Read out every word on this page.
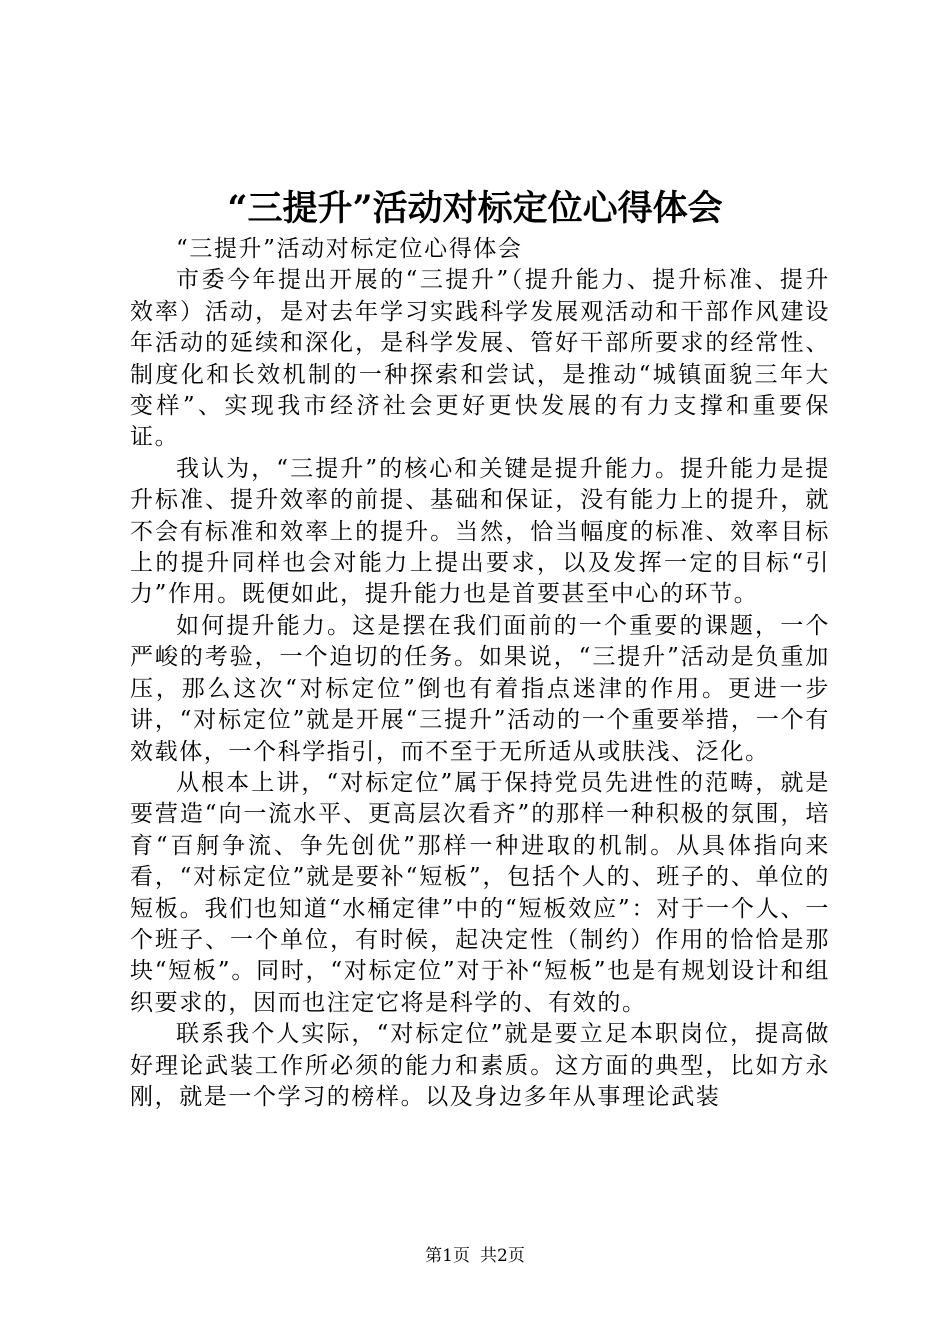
“三提升”活动对标定位心得体会

“三提升”活动对标定位心得体会

市委今年提出开展的“三提升”（提升能力、提升标准、提升效率）活动，是对去年学习实践科学发展观活动和干部作风建设年活动的延续和深化，是科学发展、管好干部所要求的经常性、制度化和长效机制的一种探索和尝试，是推动“城镇面貌三年大变样”、实现我市经济社会更好更快发展的有力支撑和重要保证。

我认为，“三提升”的核心和关键是提升能力。提升能力是提升标准、提升效率的前提、基础和保证，没有能力上的提升，就不会有标准和效率上的提升。当然，恰当幅度的标准、效率目标上的提升同样也会对能力上提出要求，以及发挥一定的目标“引力”作用。既便如此，提升能力也是首要甚至中心的环节。

如何提升能力。这是摆在我们面前的一个重要的课题，一个严峻的考验，一个迫切的任务。如果说，“三提升”活动是负重加压，那么这次“对标定位”倒也有着指点迷津的作用。更进一步讲，“对标定位”就是开展“三提升”活动的一个重要举措，一个有效载体，一个科学指引，而不至于无所适从或肤浅、泛化。

从根本上讲，“对标定位”属于保持党员先进性的范畴，就是要营造“向一流水平、更高层次看齐”的那样一种积极的氛围，培育“百舸争流、争先创优”那样一种进取的机制。从具体指向来看，“对标定位”就是要补“短板”，包括个人的、班子的、单位的短板。我们也知道“水桶定律”中的“短板效应”：对于一个人、一个班子、一个单位，有时候，起决定性（制约）作用的恰恰是那块“短板”。同时，“对标定位”对于补“短板”也是有规划设计和组织要求的，因而也注定它将是科学的、有效的。

联系我个人实际，“对标定位”就是要立足本职岗位，提高做好理论武装工作所必须的能力和素质。这方面的典型，比如方永刚，就是一个学习的榜样。以及身边多年从事理论武装

第1页 共2页
